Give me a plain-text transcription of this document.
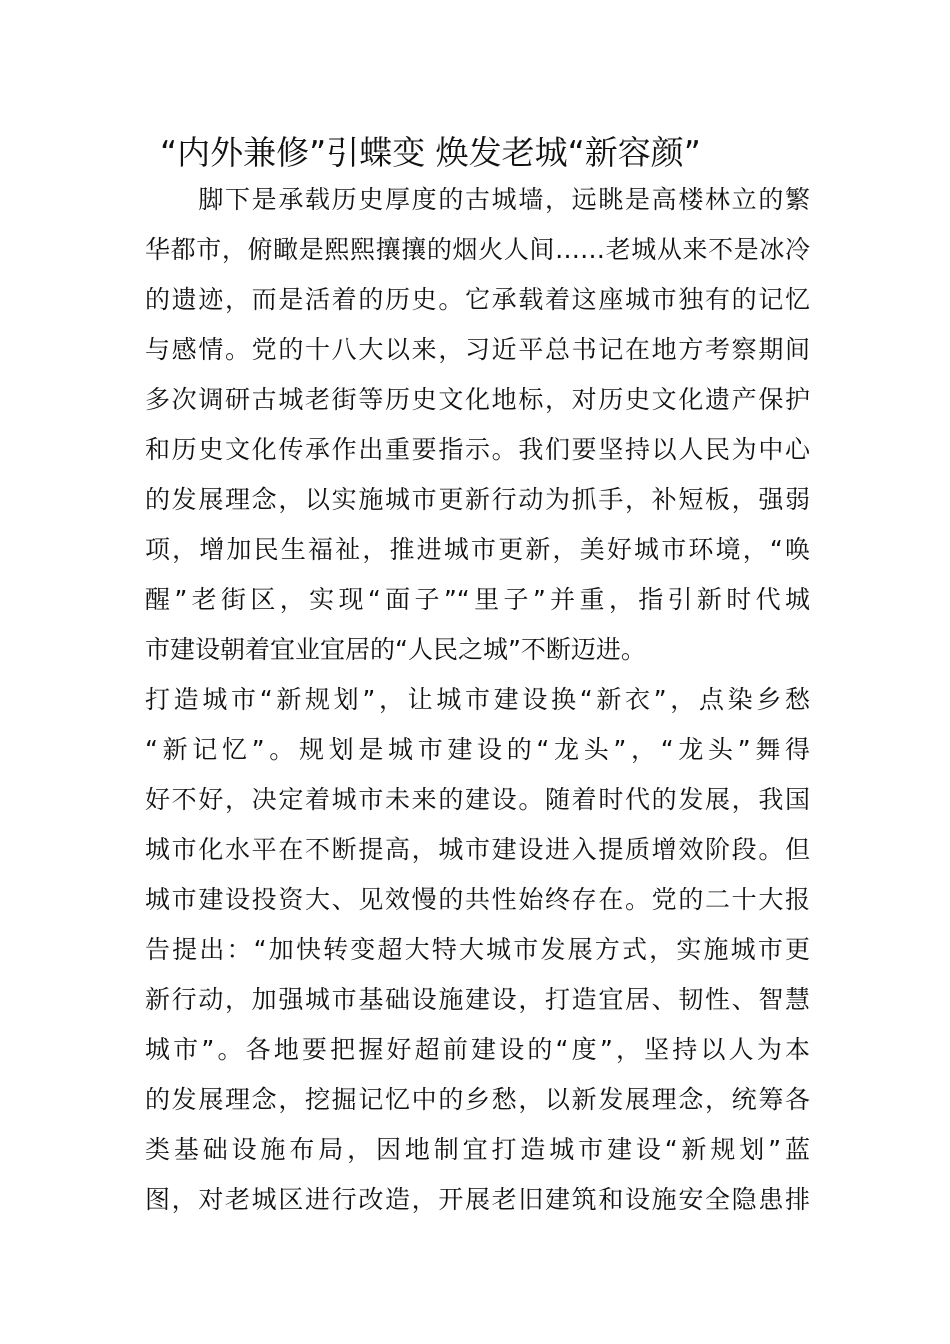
“内外兼修”引蝶变 焕发老城“新容颜”
　　脚下是承载历史厚度的古城墙，远眺是高楼林立的繁
华都市，俯瞰是熙熙攘攘的烟火人间……老城从来不是冰冷
的遗迹，而是活着的历史。它承载着这座城市独有的记忆
与感情。党的十八大以来，习近平总书记在地方考察期间
多次调研古城老街等历史文化地标，对历史文化遗产保护
和历史文化传承作出重要指示。我们要坚持以人民为中心
的发展理念，以实施城市更新行动为抓手，补短板，强弱
项，增加民生福祉，推进城市更新，美好城市环境，“唤
醒”老街区，实现“面子”“里子”并重，指引新时代城
市建设朝着宜业宜居的“人民之城”不断迈进。
打造城市“新规划”，让城市建设换“新衣”，点染乡愁
“新记忆”。规划是城市建设的“龙头”，“龙头”舞得
好不好，决定着城市未来的建设。随着时代的发展，我国
城市化水平在不断提高，城市建设进入提质增效阶段。但
城市建设投资大、见效慢的共性始终存在。党的二十大报
告提出：“加快转变超大特大城市发展方式，实施城市更
新行动，加强城市基础设施建设，打造宜居、韧性、智慧
城市”。各地要把握好超前建设的“度”，坚持以人为本
的发展理念，挖掘记忆中的乡愁，以新发展理念，统筹各
类基础设施布局，因地制宜打造城市建设“新规划”蓝
图，对老城区进行改造，开展老旧建筑和设施安全隐患排
